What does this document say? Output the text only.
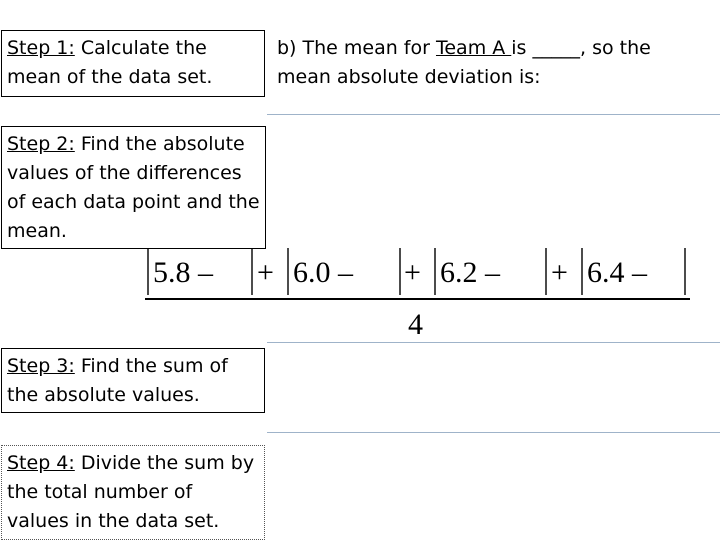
Step 1: Calculate the mean of the data set.
Step 2: Find the absolute values of the differences of each data point and the mean.
Step 3: Find the sum of the absolute values.
Step 4: Divide the sum by the total number of values in the data set.
b) The mean for Team A is _____, so the mean absolute deviation is:
5.8 – + 6.0 – + 6.2 – + 6.4 –
4
